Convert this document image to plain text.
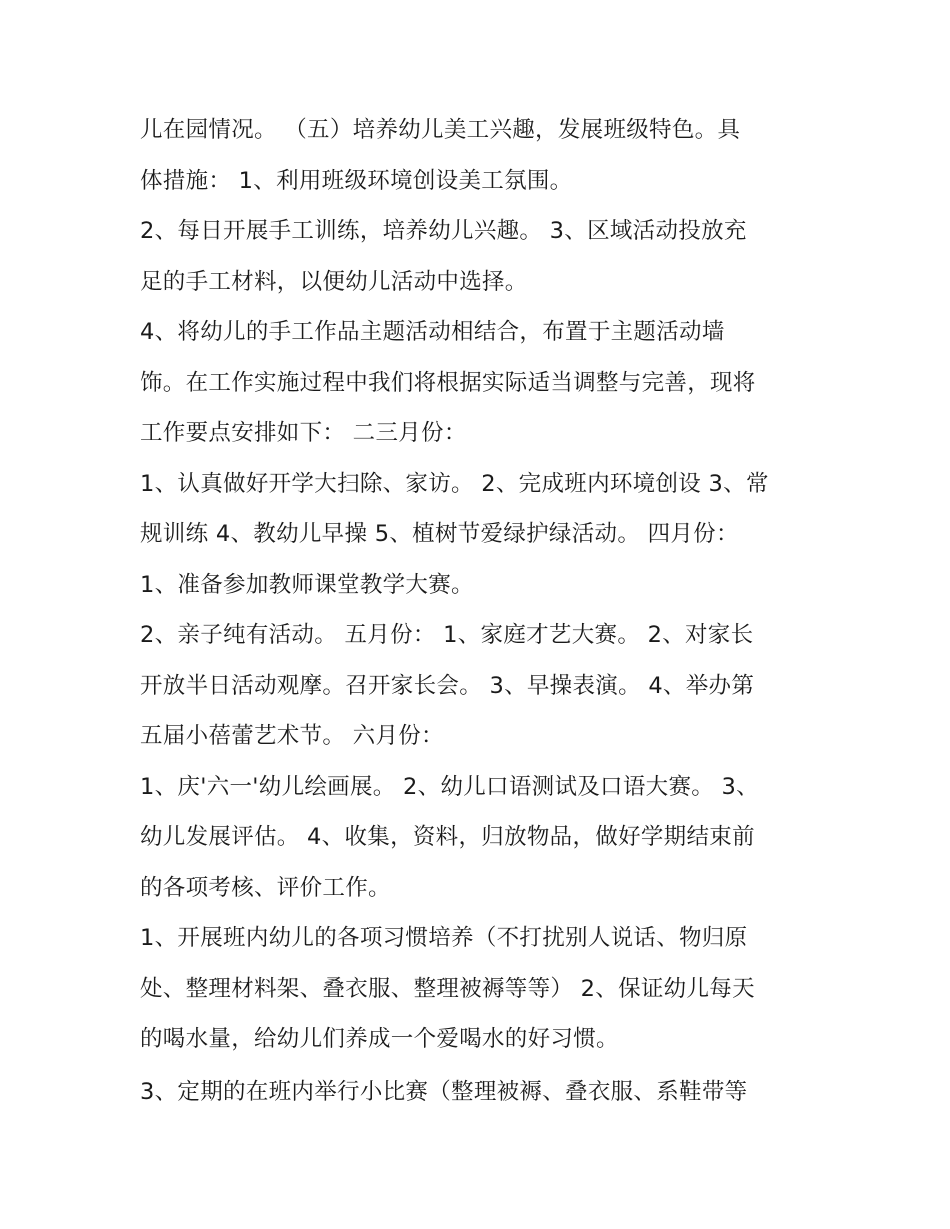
儿在园情况。 （五）培养幼儿美工兴趣，发展班级特色。具
体措施： 1、利用班级环境创设美工氛围。
2、每日开展手工训练，培养幼儿兴趣。 3、区域活动投放充
足的手工材料，以便幼儿活动中选择。
4、将幼儿的手工作品主题活动相结合，布置于主题活动墙
饰。在工作实施过程中我们将根据实际适当调整与完善，现将
工作要点安排如下： 二三月份：
1、认真做好开学大扫除、家访。 2、完成班内环境创设 3、常
规训练 4、教幼儿早操 5、植树节爱绿护绿活动。 四月份：
1、准备参加教师课堂教学大赛。
2、亲子纯有活动。 五月份： 1、家庭才艺大赛。 2、对家长
开放半日活动观摩。召开家长会。 3、早操表演。 4、举办第
五届小蓓蕾艺术节。 六月份：
1、庆'六一'幼儿绘画展。 2、幼儿口语测试及口语大赛。 3、
幼儿发展评估。 4、收集，资料，归放物品，做好学期结束前
的各项考核、评价工作。
1、开展班内幼儿的各项习惯培养（不打扰别人说话、物归原
处、整理材料架、叠衣服、整理被褥等等） 2、保证幼儿每天
的喝水量，给幼儿们养成一个爱喝水的好习惯。
3、定期的在班内举行小比赛（整理被褥、叠衣服、系鞋带等
